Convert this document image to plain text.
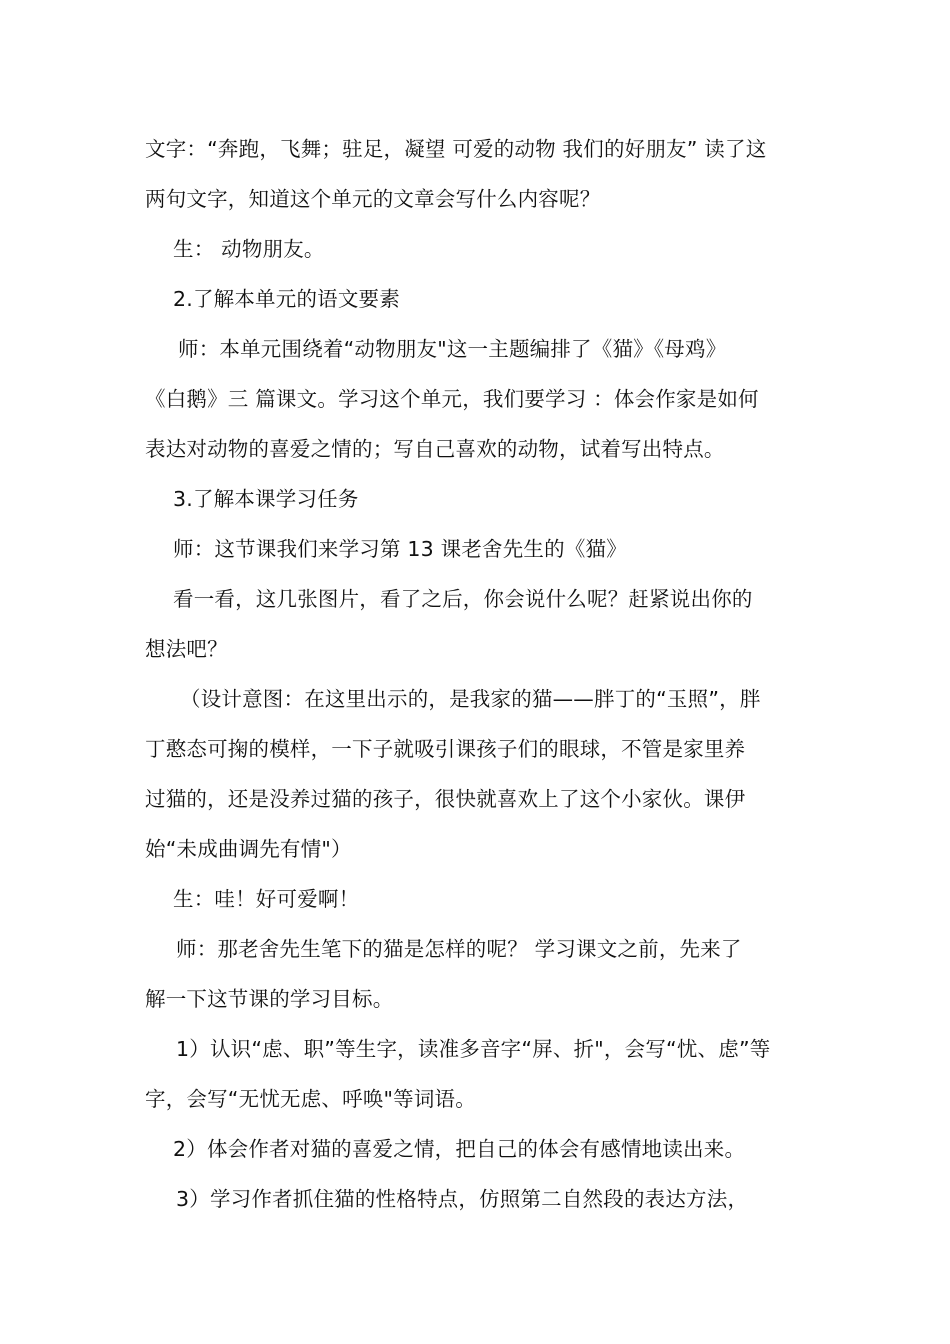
文字：“奔跑，飞舞；驻足，凝望 可爱的动物 我们的好朋友” 读了这
两句文字，知道这个单元的文章会写什么内容呢？
生： 动物朋友。
2.了解本单元的语文要素
师：本单元围绕着“动物朋友"这一主题编排了《猫》《母鸡》
《白鹅》三 篇课文。学习这个单元，我们要学习 ：体会作家是如何
表达对动物的喜爱之情的；写自己喜欢的动物，试着写出特点。
3.了解本课学习任务
师：这节课我们来学习第 13 课老舍先生的《猫》
看一看，这几张图片，看了之后，你会说什么呢？赶紧说出你的
想法吧？
（设计意图：在这里出示的，是我家的猫——胖丁的“玉照”，胖
丁憨态可掬的模样，一下子就吸引课孩子们的眼球，不管是家里养
过猫的，还是没养过猫的孩子，很快就喜欢上了这个小家伙。课伊
始“未成曲调先有情"）
生：哇！好可爱啊！
师：那老舍先生笔下的猫是怎样的呢？ 学习课文之前，先来了
解一下这节课的学习目标。
1）认识“虑、职”等生字，读准多音字“屏、折"，会写“忧、虑”等
字，会写“无忧无虑、呼唤"等词语。
2）体会作者对猫的喜爱之情，把自己的体会有感情地读出来。
3）学习作者抓住猫的性格特点，仿照第二自然段的表达方法，
